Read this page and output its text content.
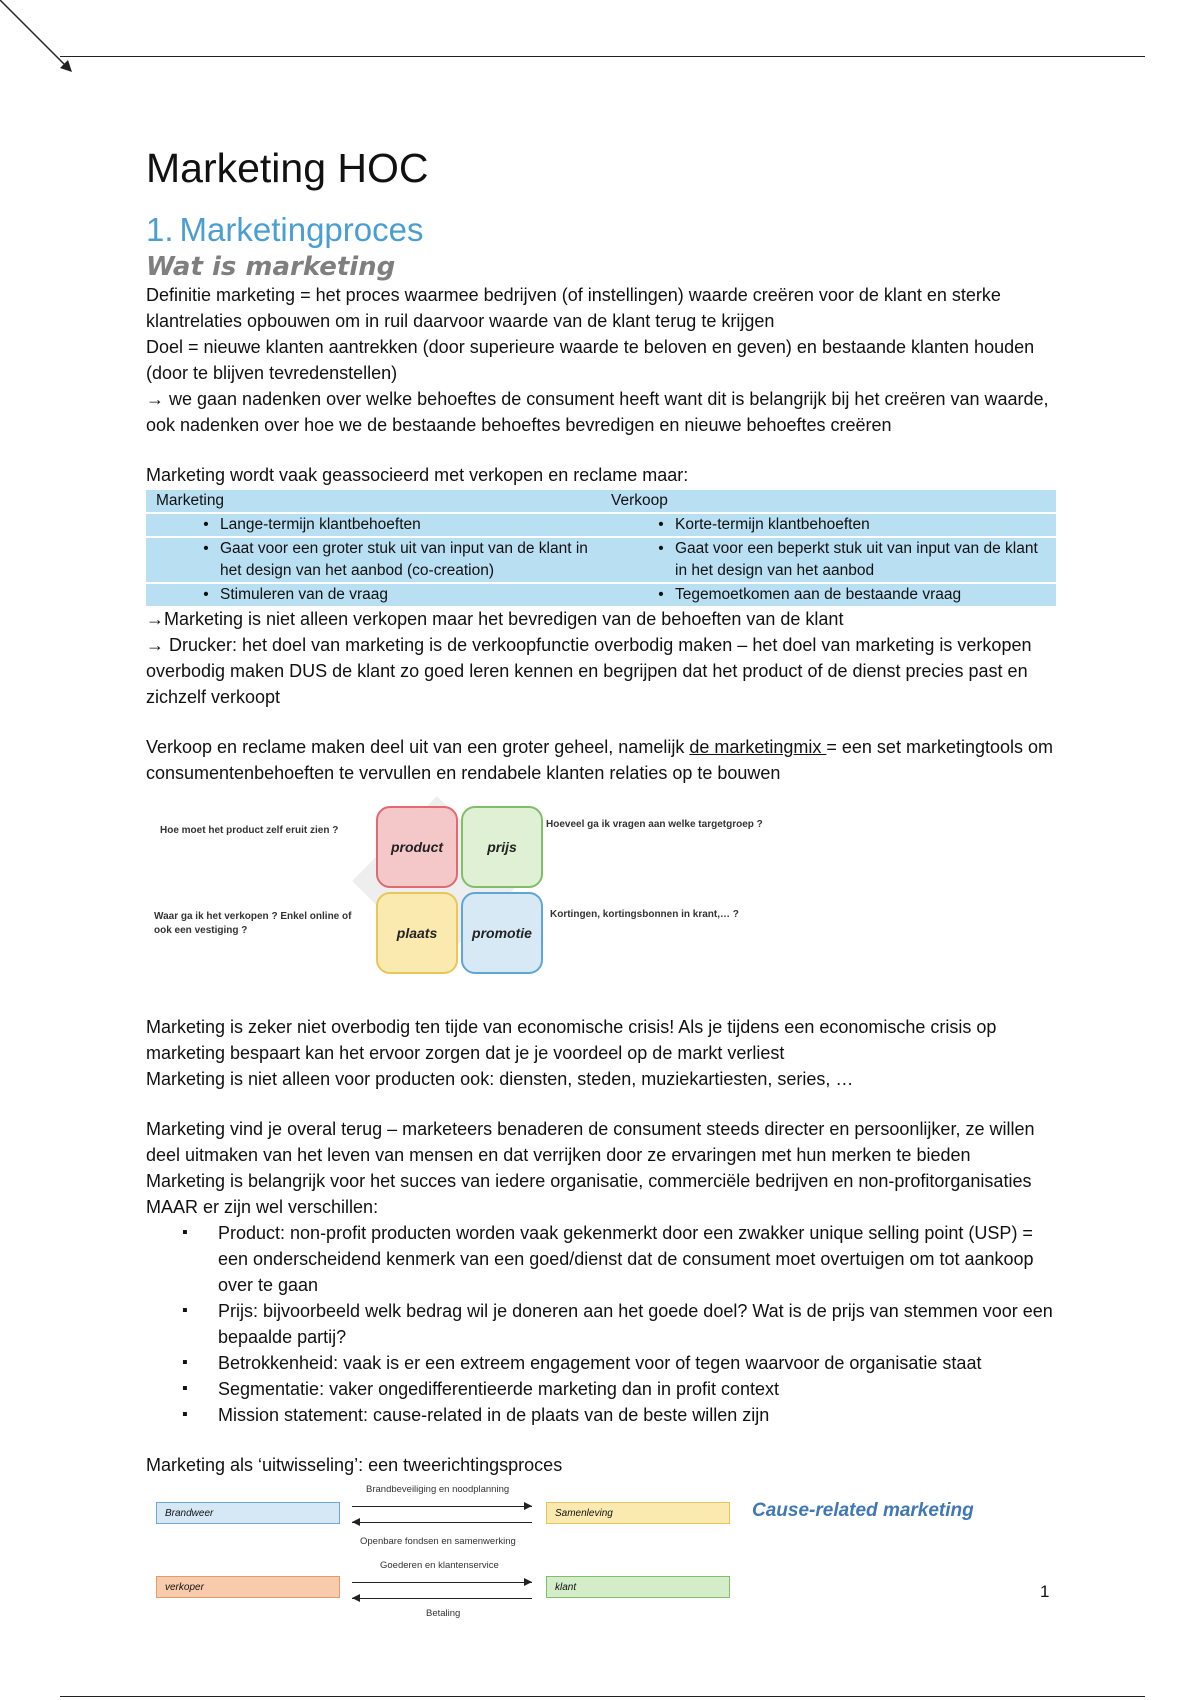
Marketing HOC
1. Marketingproces
Wat is marketing

Definitie marketing = het proces waarmee bedrijven (of instellingen) waarde creëren voor de klant en sterke klantrelaties opbouwen om in ruil daarvoor waarde van de klant terug te krijgen

Doel = nieuwe klanten aantrekken (door superieure waarde te beloven en geven) en bestaande klanten houden (door te blijven tevredenstellen)

→ we gaan nadenken over welke behoeftes de consument heeft want dit is belangrijk bij het creëren van waarde, ook nadenken over hoe we de bestaande behoeftes bevredigen en nieuwe behoeftes creëren

Marketing wordt vaak geassocieerd met verkopen en reclame maar:

Marketing	Verkoop

• Lange-termijn klantbehoeften	• Korte-termijn klantbehoeften

• Gaat voor een groter stuk uit van input van de klant in het design van het aanbod (co-creation)	• Gaat voor een beperkt stuk uit van input van de klant in het design van het aanbod

• Stimuleren van de vraag	• Tegemoetkomen aan de bestaande vraag

→Marketing is niet alleen verkopen maar het bevredigen van de behoeften van de klant

→ Drucker: het doel van marketing is de verkoopfunctie overbodig maken – het doel van marketing is verkopen overbodig maken DUS de klant zo goed leren kennen en begrijpen dat het product of de dienst precies past en zichzelf verkoopt

Verkoop en reclame maken deel uit van een groter geheel, namelijk de marketingmix = een set marketingtools om consumentenbehoeften te vervullen en rendabele klanten relaties op te bouwen

Hoe moet het product zelf eruit zien ?
Hoeveel ga ik vragen aan welke targetgroep ?
Waar ga ik het verkopen ? Enkel online of ook een vestiging ?
Kortingen, kortingsbonnen in krant,… ?
product	prijs
plaats	promotie

Marketing is zeker niet overbodig ten tijde van economische crisis! Als je tijdens een economische crisis op marketing bespaart kan het ervoor zorgen dat je je voordeel op de markt verliest

Marketing is niet alleen voor producten ook: diensten, steden, muziekartiesten, series, …

Marketing vind je overal terug – marketeers benaderen de consument steeds directer en persoonlijker, ze willen deel uitmaken van het leven van mensen en dat verrijken door ze ervaringen met hun merken te bieden

Marketing is belangrijk voor het succes van iedere organisatie, commerciële bedrijven en non-profitorganisaties MAAR er zijn wel verschillen:

▪ Product: non-profit producten worden vaak gekenmerkt door een zwakker unique selling point (USP) = een onderscheidend kenmerk van een goed/dienst dat de consument moet overtuigen om tot aankoop over te gaan
▪ Prijs: bijvoorbeeld welk bedrag wil je doneren aan het goede doel? Wat is de prijs van stemmen voor een bepaalde partij?
▪ Betrokkenheid: vaak is er een extreem engagement voor of tegen waarvoor de organisatie staat
▪ Segmentatie: vaker ongedifferentieerde marketing dan in profit context
▪ Mission statement: cause-related in de plaats van de beste willen zijn

Marketing als ‘uitwisseling’: een tweerichtingsproces

Brandweer	Samenleving
Brandbeveiliging en noodplanning
Openbare fondsen en samenwerking
Cause-related marketing
verkoper	klant
Goederen en klantenservice
Betaling
1
